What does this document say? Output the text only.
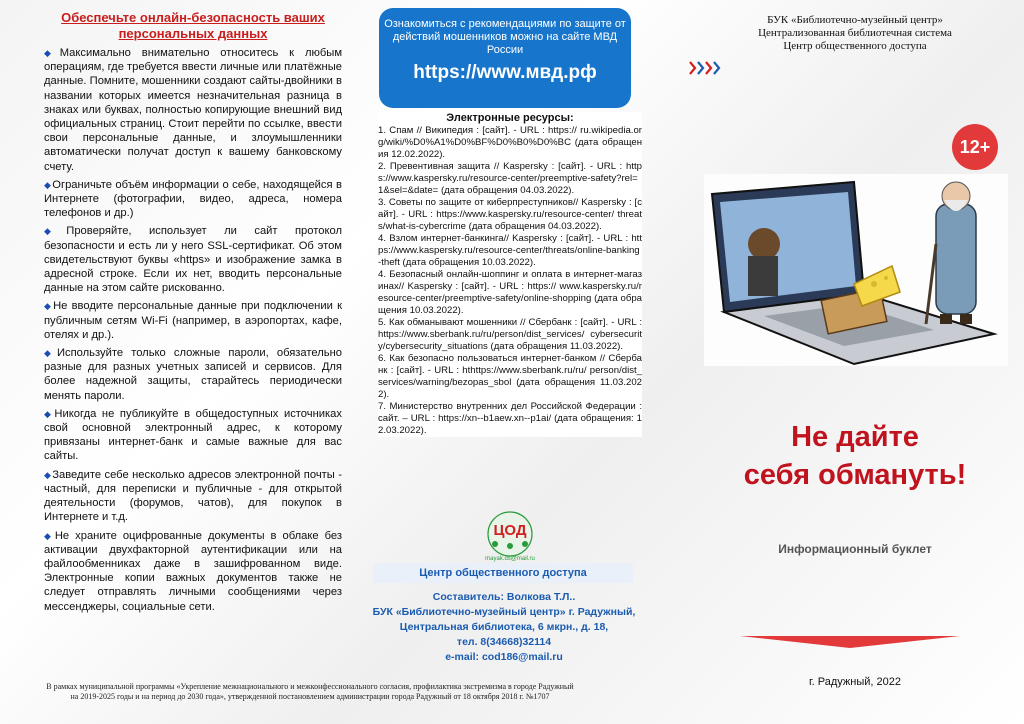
Обеспечьте онлайн-безопасность ваших
персональных данных

◆Максимально внимательно относитесь к любым операциям, где требуется ввести личные или платёжные данные. Помните, мошенники создают сайты-двойники в названии которых имеется незначительная разница в знаках или буквах, полностью копирующие внешний вид официальных страниц. Стоит перейти по ссылке, ввести свои персональные данные, и злоумышленники автоматически получат доступ к вашему банковскому счету.

◆Ограничьте объём информации о себе, находящейся в Интернете (фотографии, видео, адреса, номера телефонов и др.)

◆Проверяйте, использует ли сайт протокол безопасности и есть ли у него SSL-сертификат. Об этом свидетельствуют буквы «https» и изображение замка в адресной строке. Если их нет, вводить персональные данные на этом сайте рискованно.

◆Не вводите персональные данные при подключении к публичным сетям Wi-Fi (например, в аэропортах, кафе, отелях и др.).

◆Используйте только сложные пароли, обязательно разные для разных учетных записей и сервисов. Для более надежной защиты, старайтесь периодически менять пароли.

◆Никогда не публикуйте в общедоступных источниках свой основной электронный адрес, к которому привязаны интернет-банк и самые важные для вас сайты.

◆Заведите себе несколько адресов электронной почты - частный, для переписки и публичные - для открытой деятельности (форумов, чатов), для покупок в Интернете и т.д.

◆Не храните оцифрованные документы в облаке без активации двухфакторной аутентификации или на файлообменниках даже в зашифрованном виде. Электронные копии важных документов также не следует отправлять личными сообщениями через мессенджеры, социальные сети.

Ознакомиться с рекомендациями по защите от действий мошенников можно на сайте МВД России
https://www.мвд.рф
Электронные ресурсы:

1. Спам // Википедия : [сайт]. - URL : https:// ru.wikipedia.org/wiki/%D0%A1%D0%BF%D0%B0%D0%BC (дата обращения 12.02.2022).

2. Превентивная защита // Kaspersky : [сайт]. - URL : https://www.kaspersky.ru/resource-center/preemptive-safety?rel=1&sel=&date= (дата обращения 04.03.2022).

3. Советы по защите от киберпреступников// Kaspersky : [сайт]. - URL : https://www.kaspersky.ru/resource-center/ threats/what-is-cybercrime (дата обращения 04.03.2022).

4. Взлом интернет-банкинга// Kaspersky : [сайт]. - URL : https://www.kaspersky.ru/resource-center/threats/online-banking-theft (дата обращения 10.03.2022).

4. Безопасный онлайн-шоппинг и оплата в интернет-магазинах// Kaspersky : [сайт]. - URL : https:// www.kaspersky.ru/resource-center/preemptive-safety/online-shopping (дата обращения 10.03.2022).

5. Как обманывают мошенники // Сбербанк : [сайт]. - URL : https://www.sberbank.ru/ru/person/dist_services/ cybersecurity/cybersecurity_situations (дата обращения 11.03.2022).

6. Как безопасно пользоваться интернет-банком // Сбербанк : [сайт]. - URL : hthttps://www.sberbank.ru/ru/ person/dist_services/warning/bezopas_sbol (дата обращения 11.03.2022).

7. Министерство внутренних дел Российской Федерации : сайт. – URL : https://xn--b1aew.xn--p1ai/ (дата обращения: 12.03.2022).

ЦОД
mayak.ds@mail.ru
Центр общественного доступа
Составитель: Волкова Т.Л..
БУК «Библиотечно-музейный центр» г. Радужный,
Центральная библиотека, 6 мкрн., д. 18,
тел. 8(34668)32114
e-mail: cod186@mail.ru
В рамках муниципальной программы «Укрепление межнационального и межконфессионального согласия, профилактика экстремизма в городе Радужный
на 2019-2025 годы и на период до 2030 года», утвержденной постановлением администрации города Радужный от 18 октября 2018 г. №1707
БУК «Библиотечно-музейный центр»
Централизованная библиотечная система
Центр общественного доступа
12+
Не дайте
себя обмануть!
Информационный буклет
г. Радужный, 2022
